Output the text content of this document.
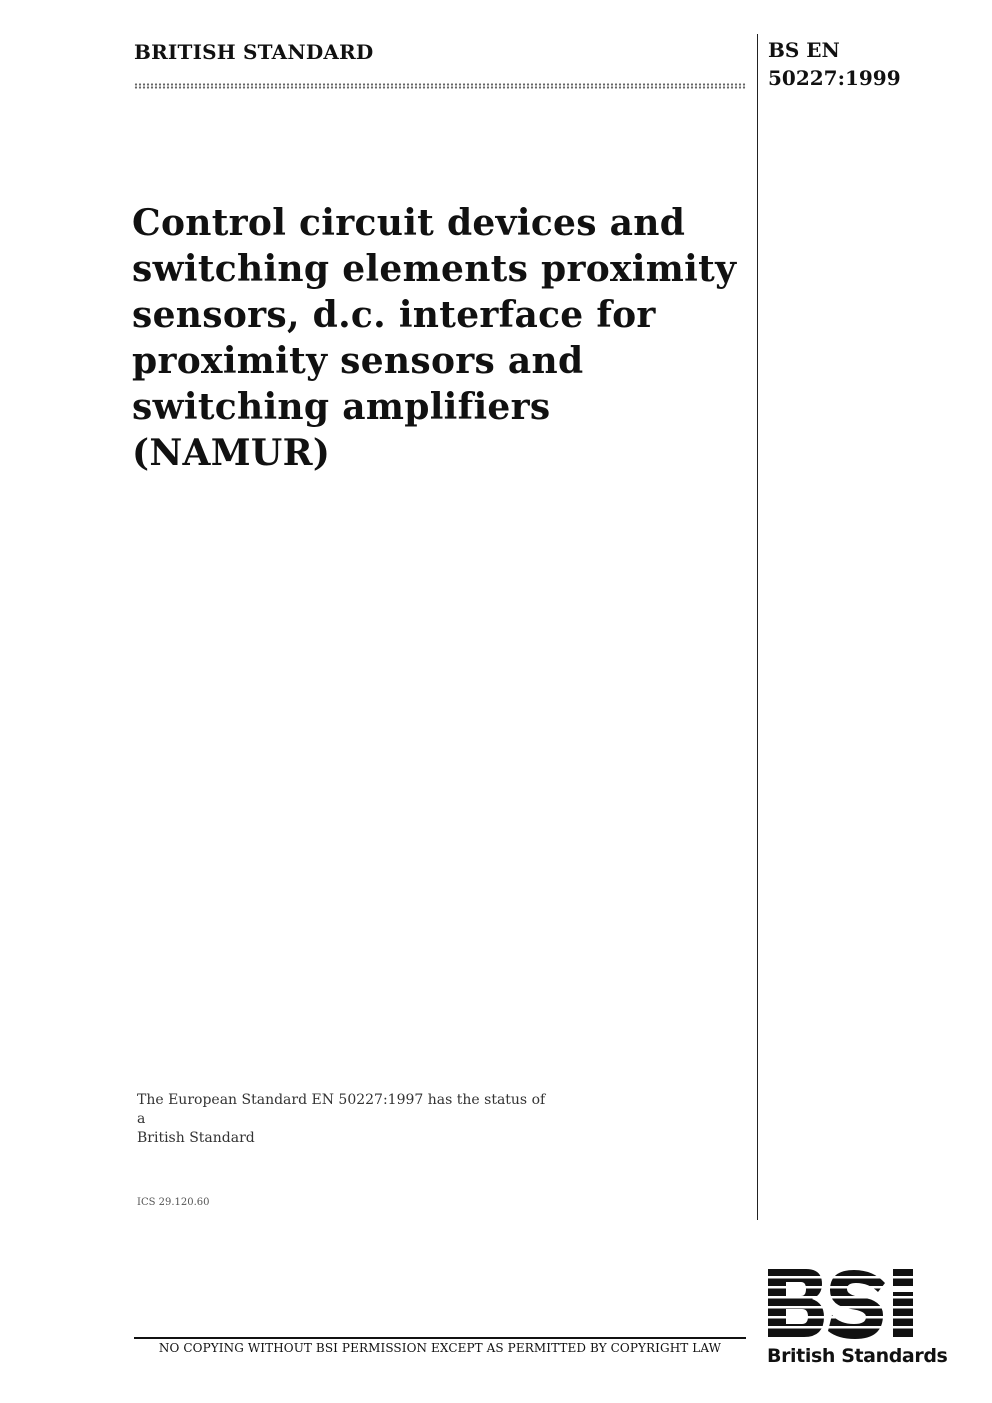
BRITISH STANDARD	BS EN
50227:1999
Control circuit devices and
switching elements proximity
sensors, d.c. interface for
proximity sensors and
switching amplifiers (NAMUR)
The European Standard EN 50227:1997 has the status of a
British Standard
ICS 29.120.60
NO COPYING WITHOUT BSI PERMISSION EXCEPT AS PERMITTED BY COPYRIGHT LAW	British Standards
